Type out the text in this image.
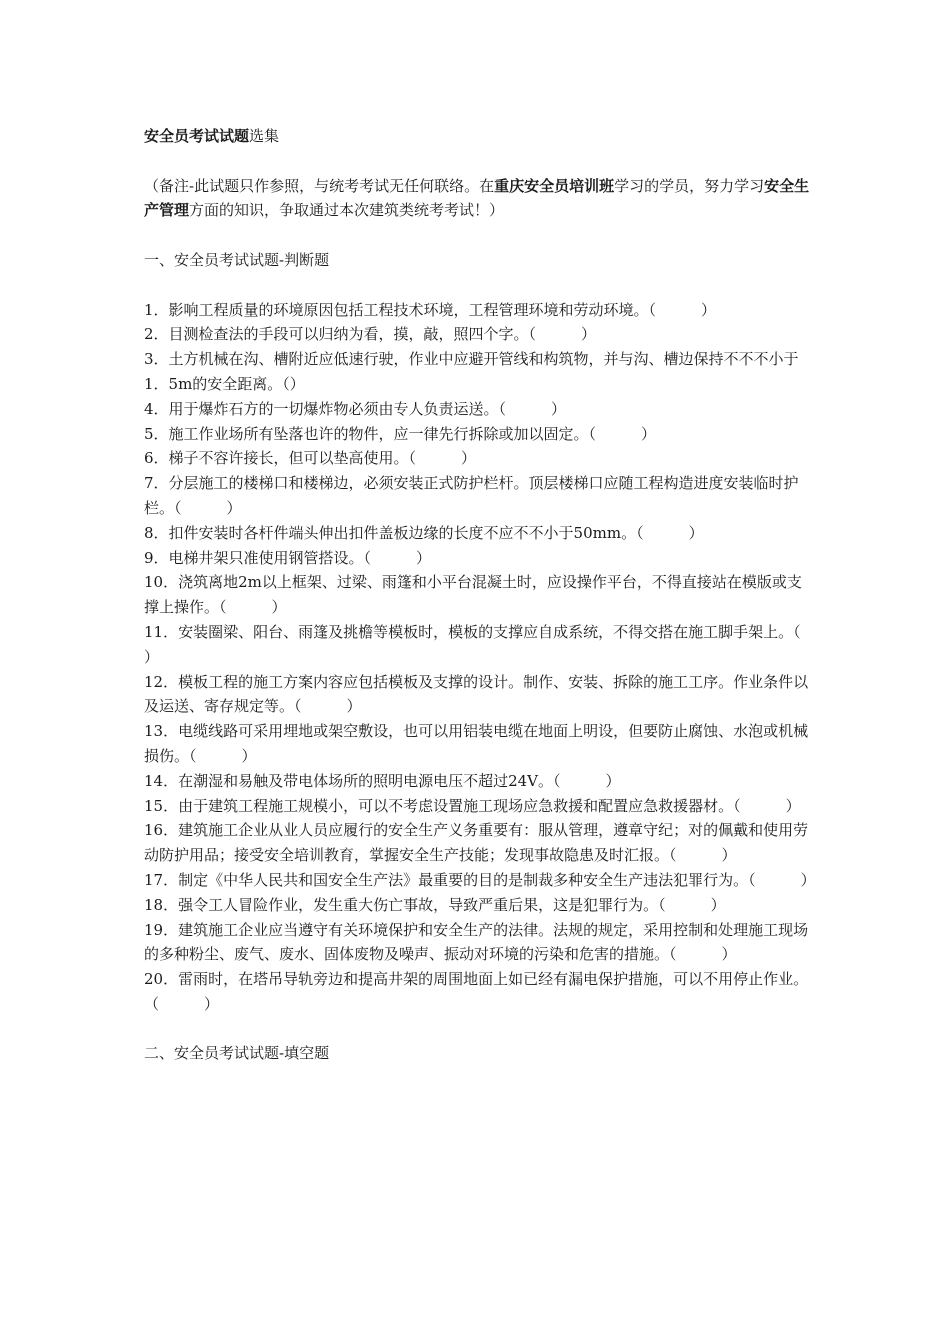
安全员考试试题选集

（备注-此试题只作参照，与统考考试无任何联络。在重庆安全员培训班学习的学员，努力学习安全生产管理方面的知识，争取通过本次建筑类统考考试！）

一、安全员考试试题-判断题

1．影响工程质量的环境原因包括工程技术环境，工程管理环境和劳动环境。（　　　）

2．目测检查法的手段可以归纳为看，摸，敲，照四个字。（　　　）

3．土方机械在沟、槽附近应低速行驶，作业中应避开管线和构筑物，并与沟、槽边保持不不不小于1．5m的安全距离。（）

4．用于爆炸石方的一切爆炸物必须由专人负责运送。（　　　）

5．施工作业场所有坠落也许的物件，应一律先行拆除或加以固定。（　　　）

6．梯子不容许接长，但可以垫高使用。（　　　）

7．分层施工的楼梯口和楼梯边，必须安装正式防护栏杆。顶层楼梯口应随工程构造进度安装临时护栏。（　　　）

8．扣件安装时各杆件端头伸出扣件盖板边缘的长度不应不不小于50mm。（　　　）

9．电梯井架只准使用钢管搭设。（　　　）

10．浇筑离地2m以上框架、过梁、雨篷和小平台混凝土时，应设操作平台，不得直接站在模版或支撑上操作。（　　　）

11．安装圈梁、阳台、雨篷及挑檐等模板时，模板的支撑应自成系统，不得交搭在施工脚手架上。（　　　）

12．模板工程的施工方案内容应包括模板及支撑的设计。制作、安装、拆除的施工工序。作业条件以及运送、寄存规定等。（　　　）

13．电缆线路可采用埋地或架空敷设，也可以用铝装电缆在地面上明设，但要防止腐蚀、水泡或机械损伤。（　　　）

14．在潮湿和易触及带电体场所的照明电源电压不超过24V。（　　　）

15．由于建筑工程施工规模小，可以不考虑设置施工现场应急救援和配置应急救援器材。（　　　）

16．建筑施工企业从业人员应履行的安全生产义务重要有：服从管理，遵章守纪；对的佩戴和使用劳动防护用品；接受安全培训教育，掌握安全生产技能；发现事故隐患及时汇报。（　　　）

17．制定《中华人民共和国安全生产法》最重要的目的是制裁多种安全生产违法犯罪行为。（　　　）

18．强令工人冒险作业，发生重大伤亡事故，导致严重后果，这是犯罪行为。（　　　）

19．建筑施工企业应当遵守有关环境保护和安全生产的法律。法规的规定，采用控制和处理施工现场的多种粉尘、废气、废水、固体废物及噪声、振动对环境的污染和危害的措施。（　　　）

20．雷雨时，在塔吊导轨旁边和提高井架的周围地面上如已经有漏电保护措施，可以不用停止作业。（　　　）

二、安全员考试试题-填空题
